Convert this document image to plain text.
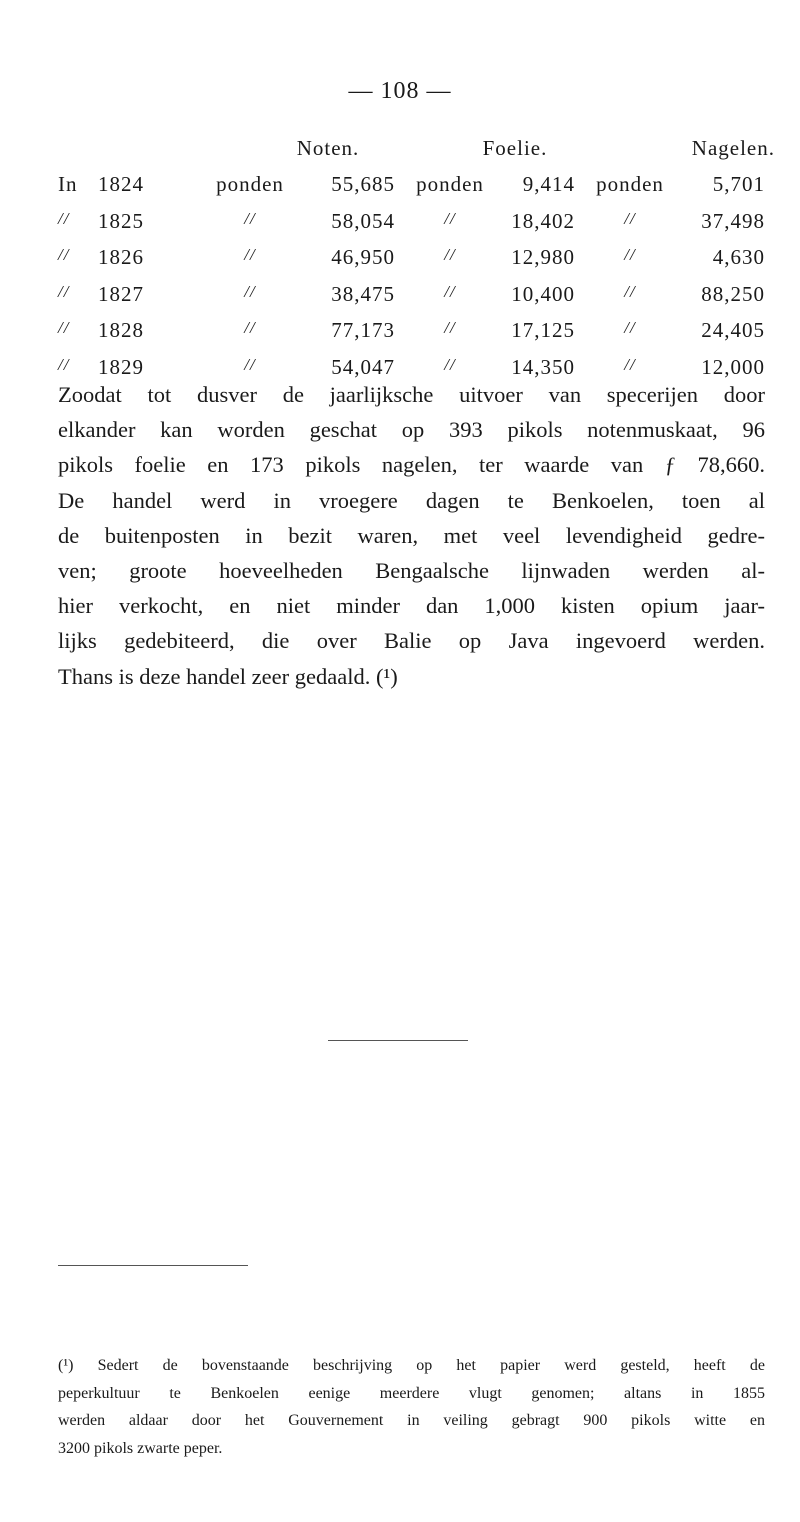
— 108 —
Noten.	Foelie.	Nagelen.
In 1824	ponden	55,685	ponden	9,414	ponden	5,701
//	1825	//	58,054	//	18,402	//	37,498
//	1826	//	46,950	//	12,980	//	4,630
//	1827	//	38,475	//	10,400	//	88,250
//	1828	//	77,173	//	17,125	//	24,405
//	1829	//	54,047	//	14,350	//	12,000
Zoodat tot dusver de jaarlijksche uitvoer van specerijen door
elkander kan worden geschat op 393 pikols notenmuskaat, 96
pikols foelie en 173 pikols nagelen, ter waarde van ƒ 78,660.
De handel werd in vroegere dagen te Benkoelen, toen al
de buitenposten in bezit waren, met veel levendigheid gedre-
ven; groote hoeveelheden Bengaalsche lijnwaden werden al-
hier verkocht, en niet minder dan 1,000 kisten opium jaar-
lijks gedebiteerd, die over Balie op Java ingevoerd werden.
Thans is deze handel zeer gedaald. (¹)
(¹) Sedert de bovenstaande beschrijving op het papier werd gesteld, heeft de
peperkultuur te Benkoelen eenige meerdere vlugt genomen; altans in 1855
werden aldaar door het Gouvernement in veiling gebragt 900 pikols witte en
3200 pikols zwarte peper.
